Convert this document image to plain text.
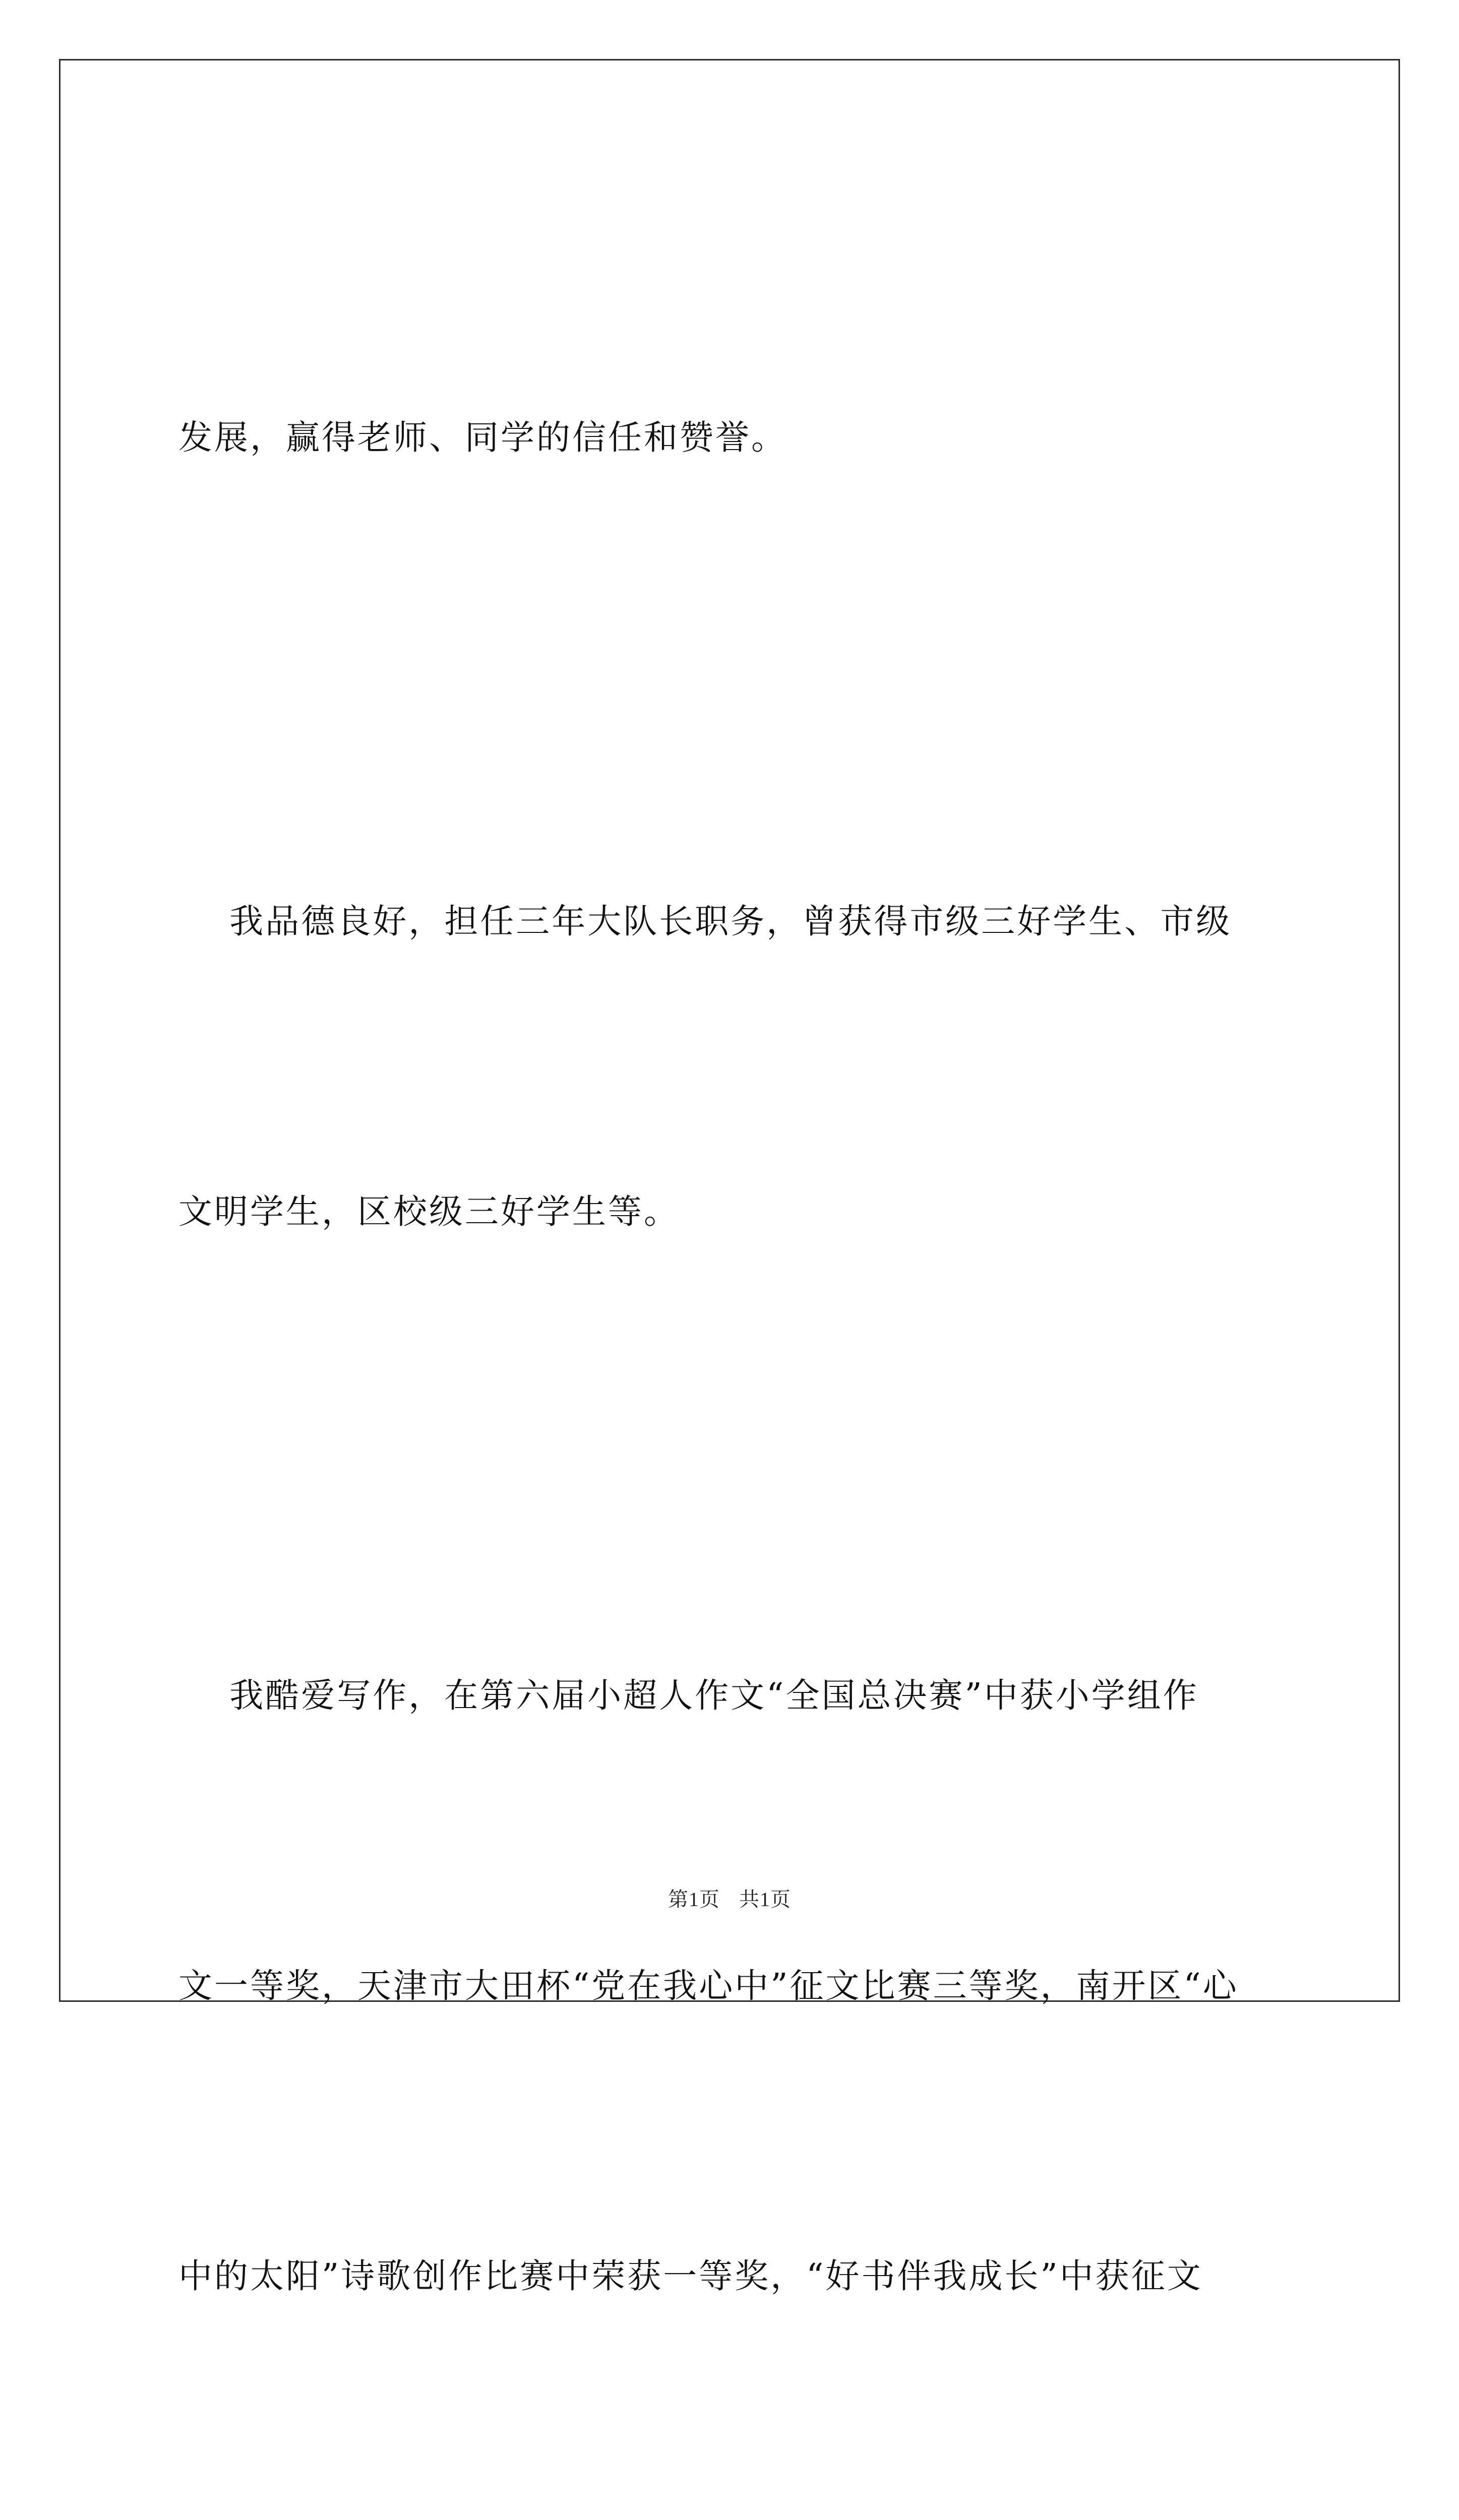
发展，赢得老师、同学的信任和赞誉。

我品德良好，担任三年大队长职务，曾获得市级三好学生、市级

文明学生，区校级三好学生等。

我酷爱写作，在第六届小超人作文“全国总决赛”中获小学组作

文一等奖，天津市大田杯“党在我心中”征文比赛三等奖，南开区“心

中的太阳”诗歌创作比赛中荣获一等奖，“好书伴我成长”中获征文

第1页 共1页
